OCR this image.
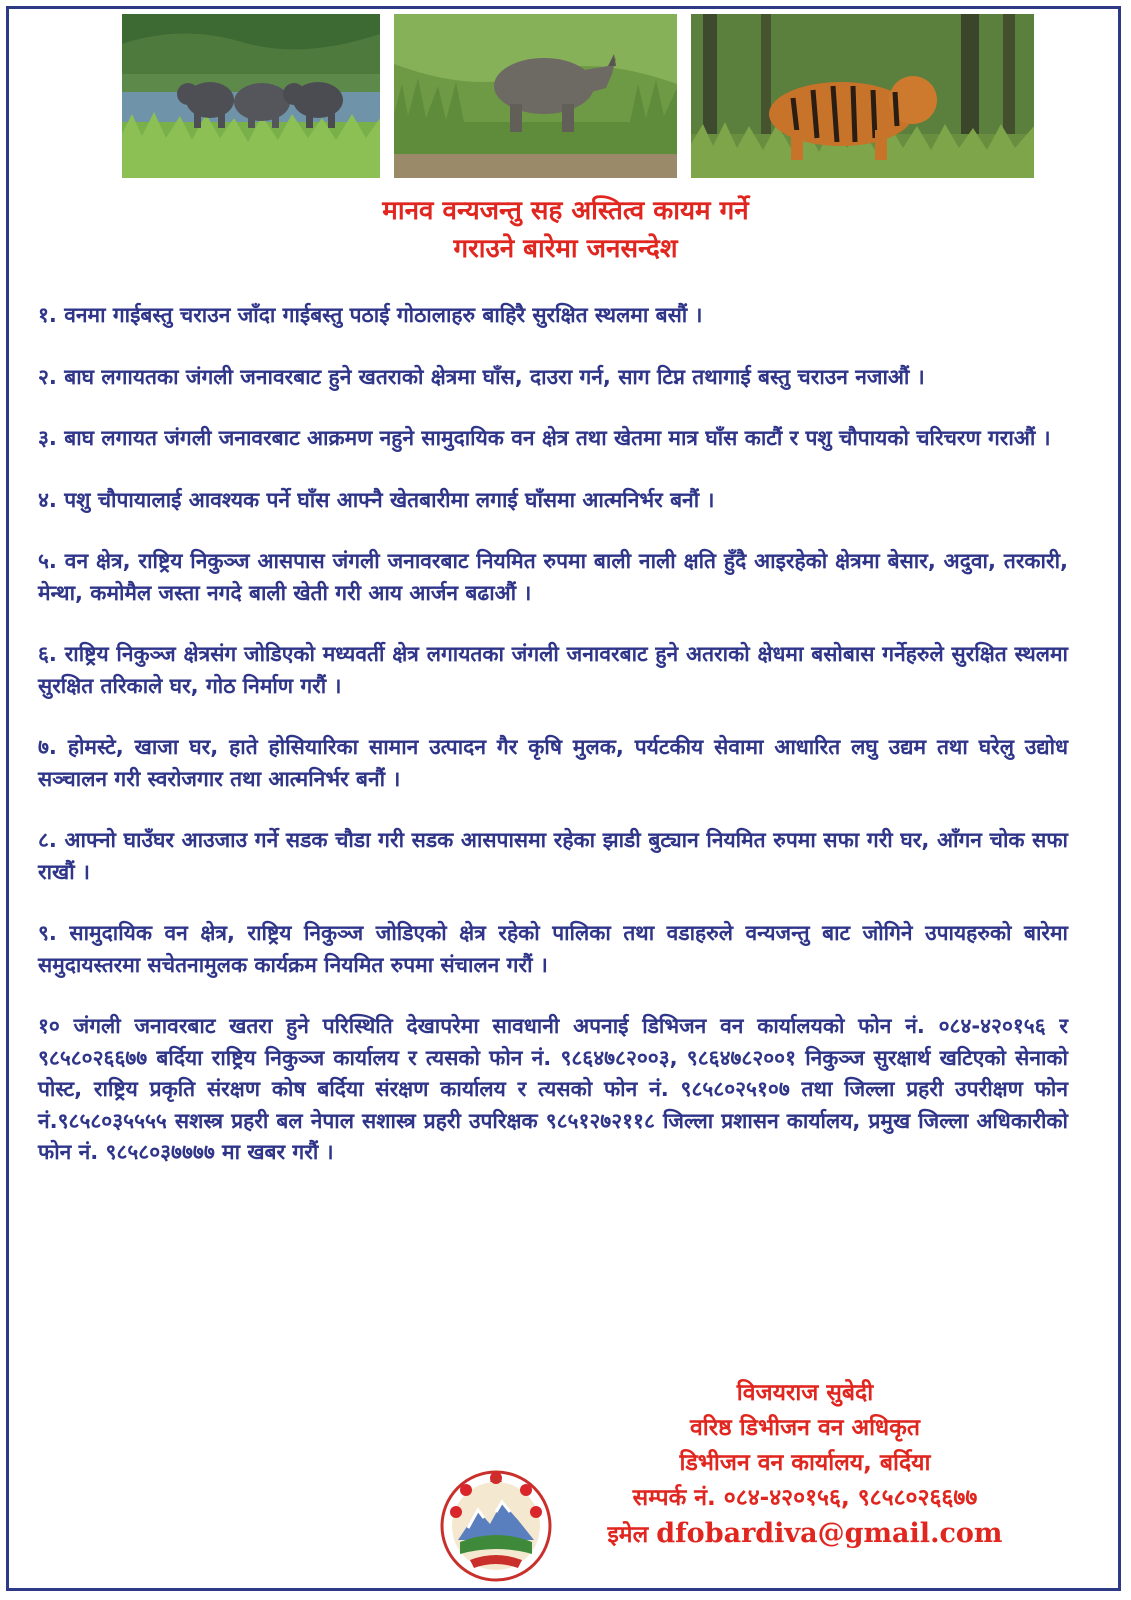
मानव वन्यजन्तु सह अस्तित्व कायम गर्ने
गराउने बारेमा जनसन्देश

१. वनमा गाईबस्तु चराउन जाँदा गाईबस्तु पठाई गोठालाहरु बाहिरै सुरक्षित स्थलमा बसौं ।

२. बाघ लगायतका जंगली जनावरबाट हुने खतराको क्षेत्रमा घाँस, दाउरा गर्न, साग टिप्न तथागाई बस्तु चराउन नजाऔं ।

३. बाघ लगायत जंगली जनावरबाट आक्रमण नहुने सामुदायिक वन क्षेत्र तथा खेतमा मात्र घाँस काटौं र पशु चौपायको चरिचरण गराऔं ।

४. पशु चौपायालाई आवश्यक पर्ने घाँस आफ्नै खेतबारीमा लगाई घाँसमा आत्मनिर्भर बनौं ।

५. वन क्षेत्र, राष्ट्रिय निकुञ्ज आसपास जंगली जनावरबाट नियमित रुपमा बाली नाली क्षति हुँदै आइरहेको क्षेत्रमा बेसार, अदुवा, तरकारी, मेन्था, कमोमैल जस्ता नगदे बाली खेती गरी आय आर्जन बढाऔं ।

६. राष्ट्रिय निकुञ्ज क्षेत्रसंग जोडिएको मध्यवर्ती क्षेत्र लगायतका जंगली जनावरबाट हुने अतराको क्षेधमा बसोबास गर्नेहरुले सुरक्षित स्थलमा सुरक्षित तरिकाले घर, गोठ निर्माण गरौं ।

७. होमस्टे, खाजा घर, हाते होसियारिका सामान उत्पादन गैर कृषि मुलक, पर्यटकीय सेवामा आधारित लघु उद्यम तथा घरेलु उद्योध सञ्चालन गरी स्वरोजगार तथा आत्मनिर्भर बनौं ।

८. आफ्नो घाउँघर आउजाउ गर्ने सडक चौडा गरी सडक आसपासमा रहेका झाडी बुट्यान नियमित रुपमा सफा गरी घर, आँगन चोक सफा राखौं ।

९. सामुदायिक वन क्षेत्र, राष्ट्रिय निकुञ्ज जोडिएको क्षेत्र रहेको पालिका तथा वडाहरुले वन्यजन्तु बाट जोगिने उपायहरुको बारेमा समुदायस्तरमा सचेतनामुलक कार्यक्रम नियमित रुपमा संचालन गरौं ।

१० जंगली जनावरबाट खतरा हुने परिस्थिति देखापरेमा सावधानी अपनाई डिभिजन वन कार्यालयको फोन नं. ०८४-४२०१५६ र ९८५८०२६६७७ बर्दिया राष्ट्रिय निकुञ्ज कार्यालय र त्यसको फोन नं. ९८६४७८२००३, ९८६४७८२००१ निकुञ्ज सुरक्षार्थ खटिएको सेनाको पोस्ट, राष्ट्रिय प्रकृति संरक्षण कोष बर्दिया संरक्षण कार्यालय र त्यसको फोन नं. ९८५८०२५१०७ तथा जिल्ला प्रहरी उपरीक्षण फोन नं.९८५८०३५५५५ सशस्त्र प्रहरी बल नेपाल सशास्त्र प्रहरी उपरिक्षक ९८५१२७२११८ जिल्ला प्रशासन कार्यालय, प्रमुख जिल्ला अधिकारीको फोन नं. ९८५८०३७७७७ मा खबर गरौं ।

विजयराज सुबेदी
वरिष्ठ डिभीजन वन अधिकृत
डिभीजन वन कार्यालय, बर्दिया
सम्पर्क नं. ०८४-४२०१५६, ९८५८०२६६७७
इमेल dfobardiva@gmail.com
